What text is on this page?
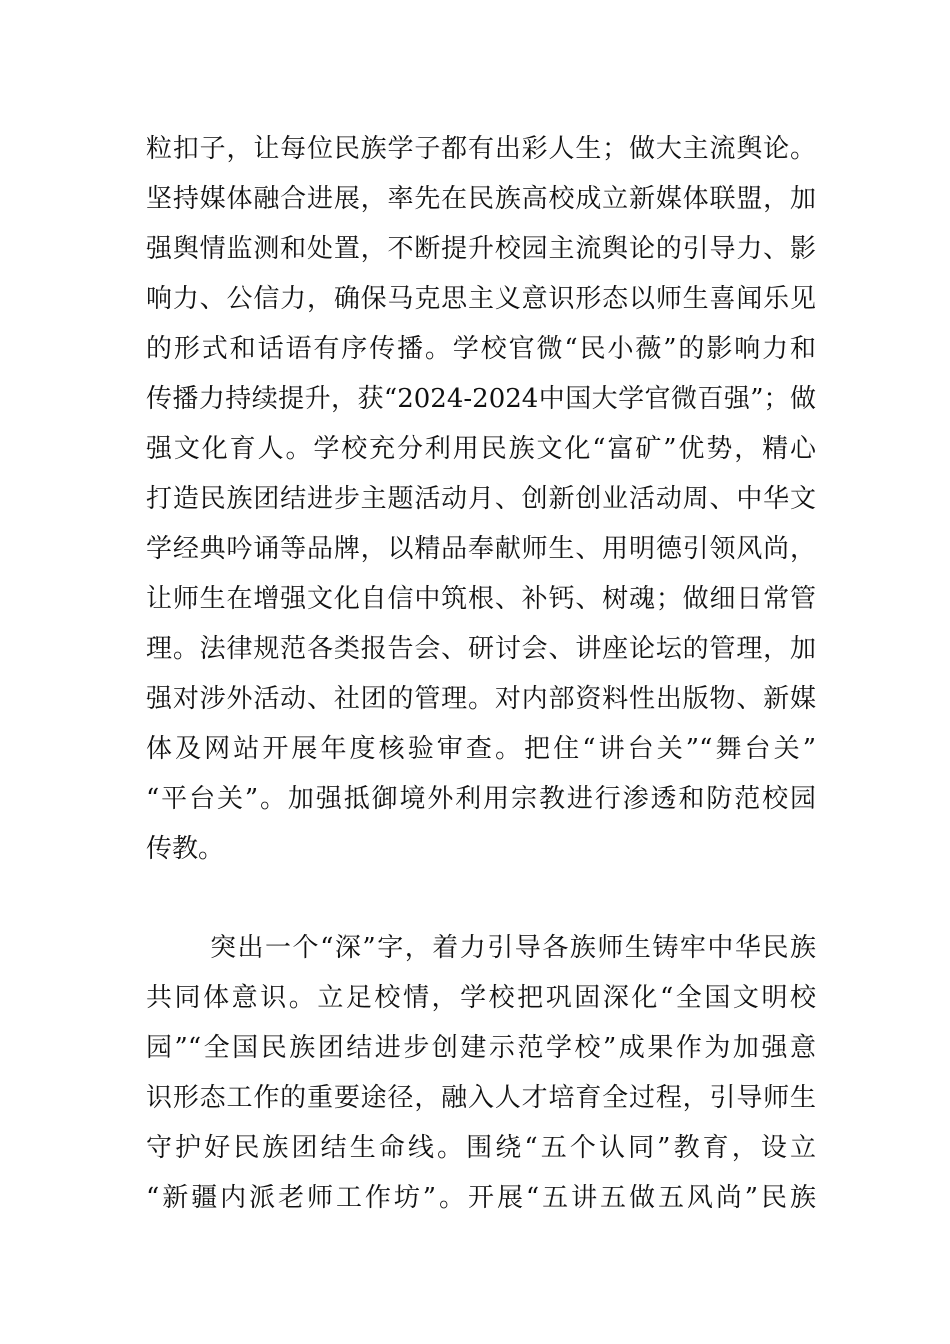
粒扣子，让每位民族学子都有出彩人生；做大主流舆论。
坚持媒体融合进展，率先在民族高校成立新媒体联盟，加
强舆情监测和处置，不断提升校园主流舆论的引导力、影
响力、公信力，确保马克思主义意识形态以师生喜闻乐见
的形式和话语有序传播。学校官微“民小薇”的影响力和
传播力持续提升，获“2024-2024中国大学官微百强”；做
强文化育人。学校充分利用民族文化“富矿”优势，精心
打造民族团结进步主题活动月、创新创业活动周、中华文
学经典吟诵等品牌，以精品奉献师生、用明德引领风尚，
让师生在增强文化自信中筑根、补钙、树魂；做细日常管
理。法律规范各类报告会、研讨会、讲座论坛的管理，加
强对涉外活动、社团的管理。对内部资料性出版物、新媒
体及网站开展年度核验审查。把住“讲台关”“舞台关”
“平台关”。加强抵御境外利用宗教进行渗透和防范校园
传教。
突出一个“深”字，着力引导各族师生铸牢中华民族
共同体意识。立足校情，学校把巩固深化“全国文明校
园”“全国民族团结进步创建示范学校”成果作为加强意
识形态工作的重要途径，融入人才培育全过程，引导师生
守护好民族团结生命线。围绕“五个认同”教育，设立
“新疆内派老师工作坊”。开展“五讲五做五风尚”民族
